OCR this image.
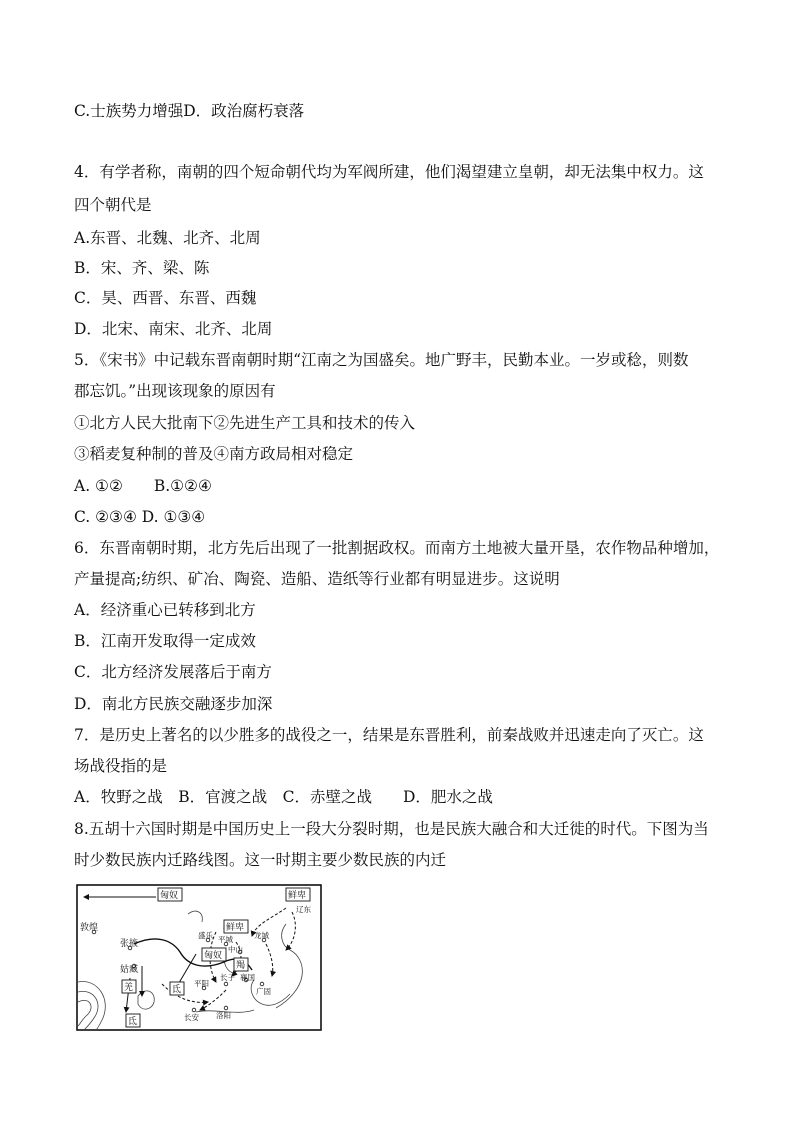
C.士族势力增强D．政治腐朽衰落
4．有学者称，南朝的四个短命朝代均为军阀所建，他们渴望建立皇朝，却无法集中权力。这
四个朝代是
A.东晋、北魏、北齐、北周
B．宋、齐、梁、陈
C．昊、西晋、东晋、西魏
D．北宋、南宋、北齐、北周
5．《宋书》中记载东晋南朝时期“江南之为国盛矣。地广野丰，民勤本业。一岁或稔，则数
郡忘饥。”出现该现象的原因有
①北方人民大批南下②先进生产工具和技术的传入
③稻麦复种制的普及④南方政局相对稳定
A. ①②　　B.①②④
C. ②③④ D. ①③④
6．东晋南朝时期，北方先后出现了一批割据政权。而南方土地被大量开垦，农作物品种增加，
产量提高;纺织、矿冶、陶瓷、造船、造纸等行业都有明显进步。这说明
A．经济重心已转移到北方
B．江南开发取得一定成效
C．北方经济发展落后于南方
D．南北方民族交融逐步加深
7．是历史上著名的以少胜多的战役之一，结果是东晋胜利，前秦战败并迅速走向了灭亡。这
场战役指的是
A．牧野之战　B．官渡之战　C．赤壁之战　　D．肥水之战
8.五胡十六国时期是中国历史上一段大分裂时期，也是民族大融合和大迁徙的时代。下图为当
时少数民族内迁路线图。这一时期主要少数民族的内迁
匈奴	鲜卑
鲜卑
匈奴
羯
氐
氐
羌
敦煌
张掖
姑臧
盛乐 平城
中山
龙城
辽东
襄国
长子
广固
平阳
长安 洛阳
